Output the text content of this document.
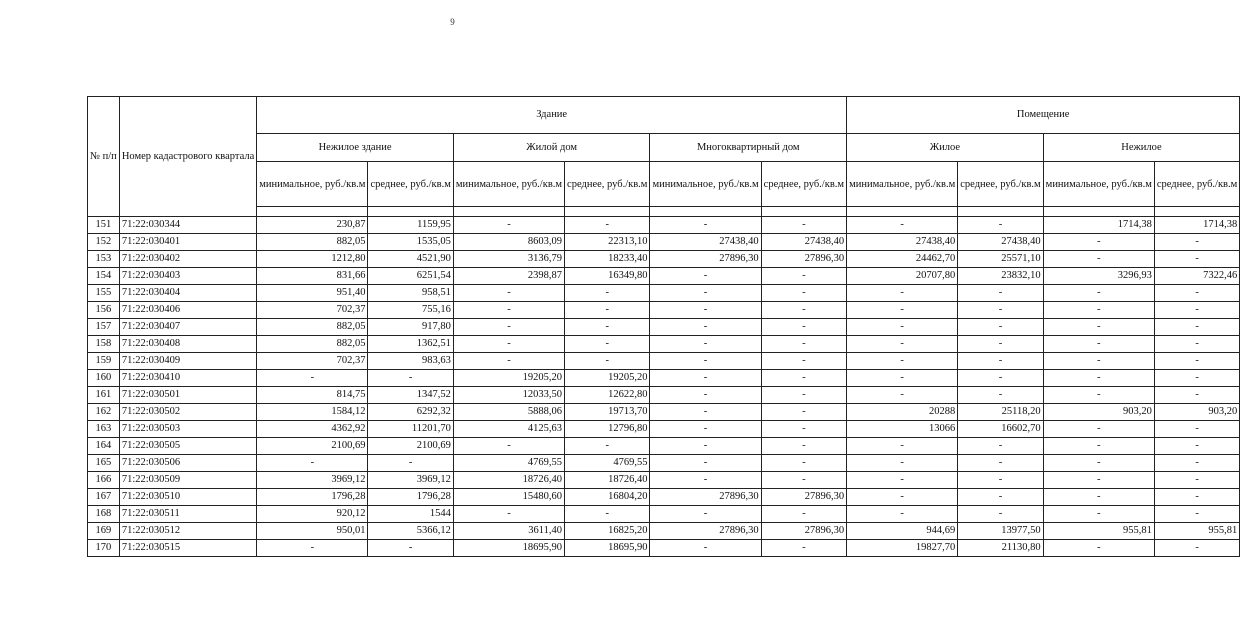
9
№ п/п	Номер кадастрового квартала	Здание						Помещение			
		Нежилое здание		Жилой дом		Многоквартирный дом		Жилое		Нежилое	
		минимальное, руб./кв.м	среднее, руб./кв.м	минимальное, руб./кв.м	среднее, руб./кв.м	минимальное, руб./кв.м	среднее, руб./кв.м	минимальное, руб./кв.м	среднее, руб./кв.м	минимальное, руб./кв.м	среднее, руб./кв.м

151	71:22:030344	230,87	1159,95	-	-	-	-	-	-	1714,38	1714,38
152	71:22:030401	882,05	1535,05	8603,09	22313,10	27438,40	27438,40	27438,40	27438,40	-	-
153	71:22:030402	1212,80	4521,90	3136,79	18233,40	27896,30	27896,30	24462,70	25571,10	-	-
154	71:22:030403	831,66	6251,54	2398,87	16349,80	-	-	20707,80	23832,10	3296,93	7322,46
155	71:22:030404	951,40	958,51	-	-	-	-	-	-	-	-
156	71:22:030406	702,37	755,16	-	-	-	-	-	-	-	-
157	71:22:030407	882,05	917,80	-	-	-	-	-	-	-	-
158	71:22:030408	882,05	1362,51	-	-	-	-	-	-	-	-
159	71:22:030409	702,37	983,63	-	-	-	-	-	-	-	-
160	71:22:030410	-	-	19205,20	19205,20	-	-	-	-	-	-
161	71:22:030501	814,75	1347,52	12033,50	12622,80	-	-	-	-	-	-
162	71:22:030502	1584,12	6292,32	5888,06	19713,70	-	-	20288	25118,20	903,20	903,20
163	71:22:030503	4362,92	11201,70	4125,63	12796,80	-	-	13066	16602,70	-	-
164	71:22:030505	2100,69	2100,69	-	-	-	-	-	-	-	-
165	71:22:030506	-	-	4769,55	4769,55	-	-	-	-	-	-
166	71:22:030509	3969,12	3969,12	18726,40	18726,40	-	-	-	-	-	-
167	71:22:030510	1796,28	1796,28	15480,60	16804,20	27896,30	27896,30	-	-	-	-
168	71:22:030511	920,12	1544	-	-	-	-	-	-	-	-
169	71:22:030512	950,01	5366,12	3611,40	16825,20	27896,30	27896,30	944,69	13977,50	955,81	955,81
170	71:22:030515	-	-	18695,90	18695,90	-	-	19827,70	21130,80	-	-
